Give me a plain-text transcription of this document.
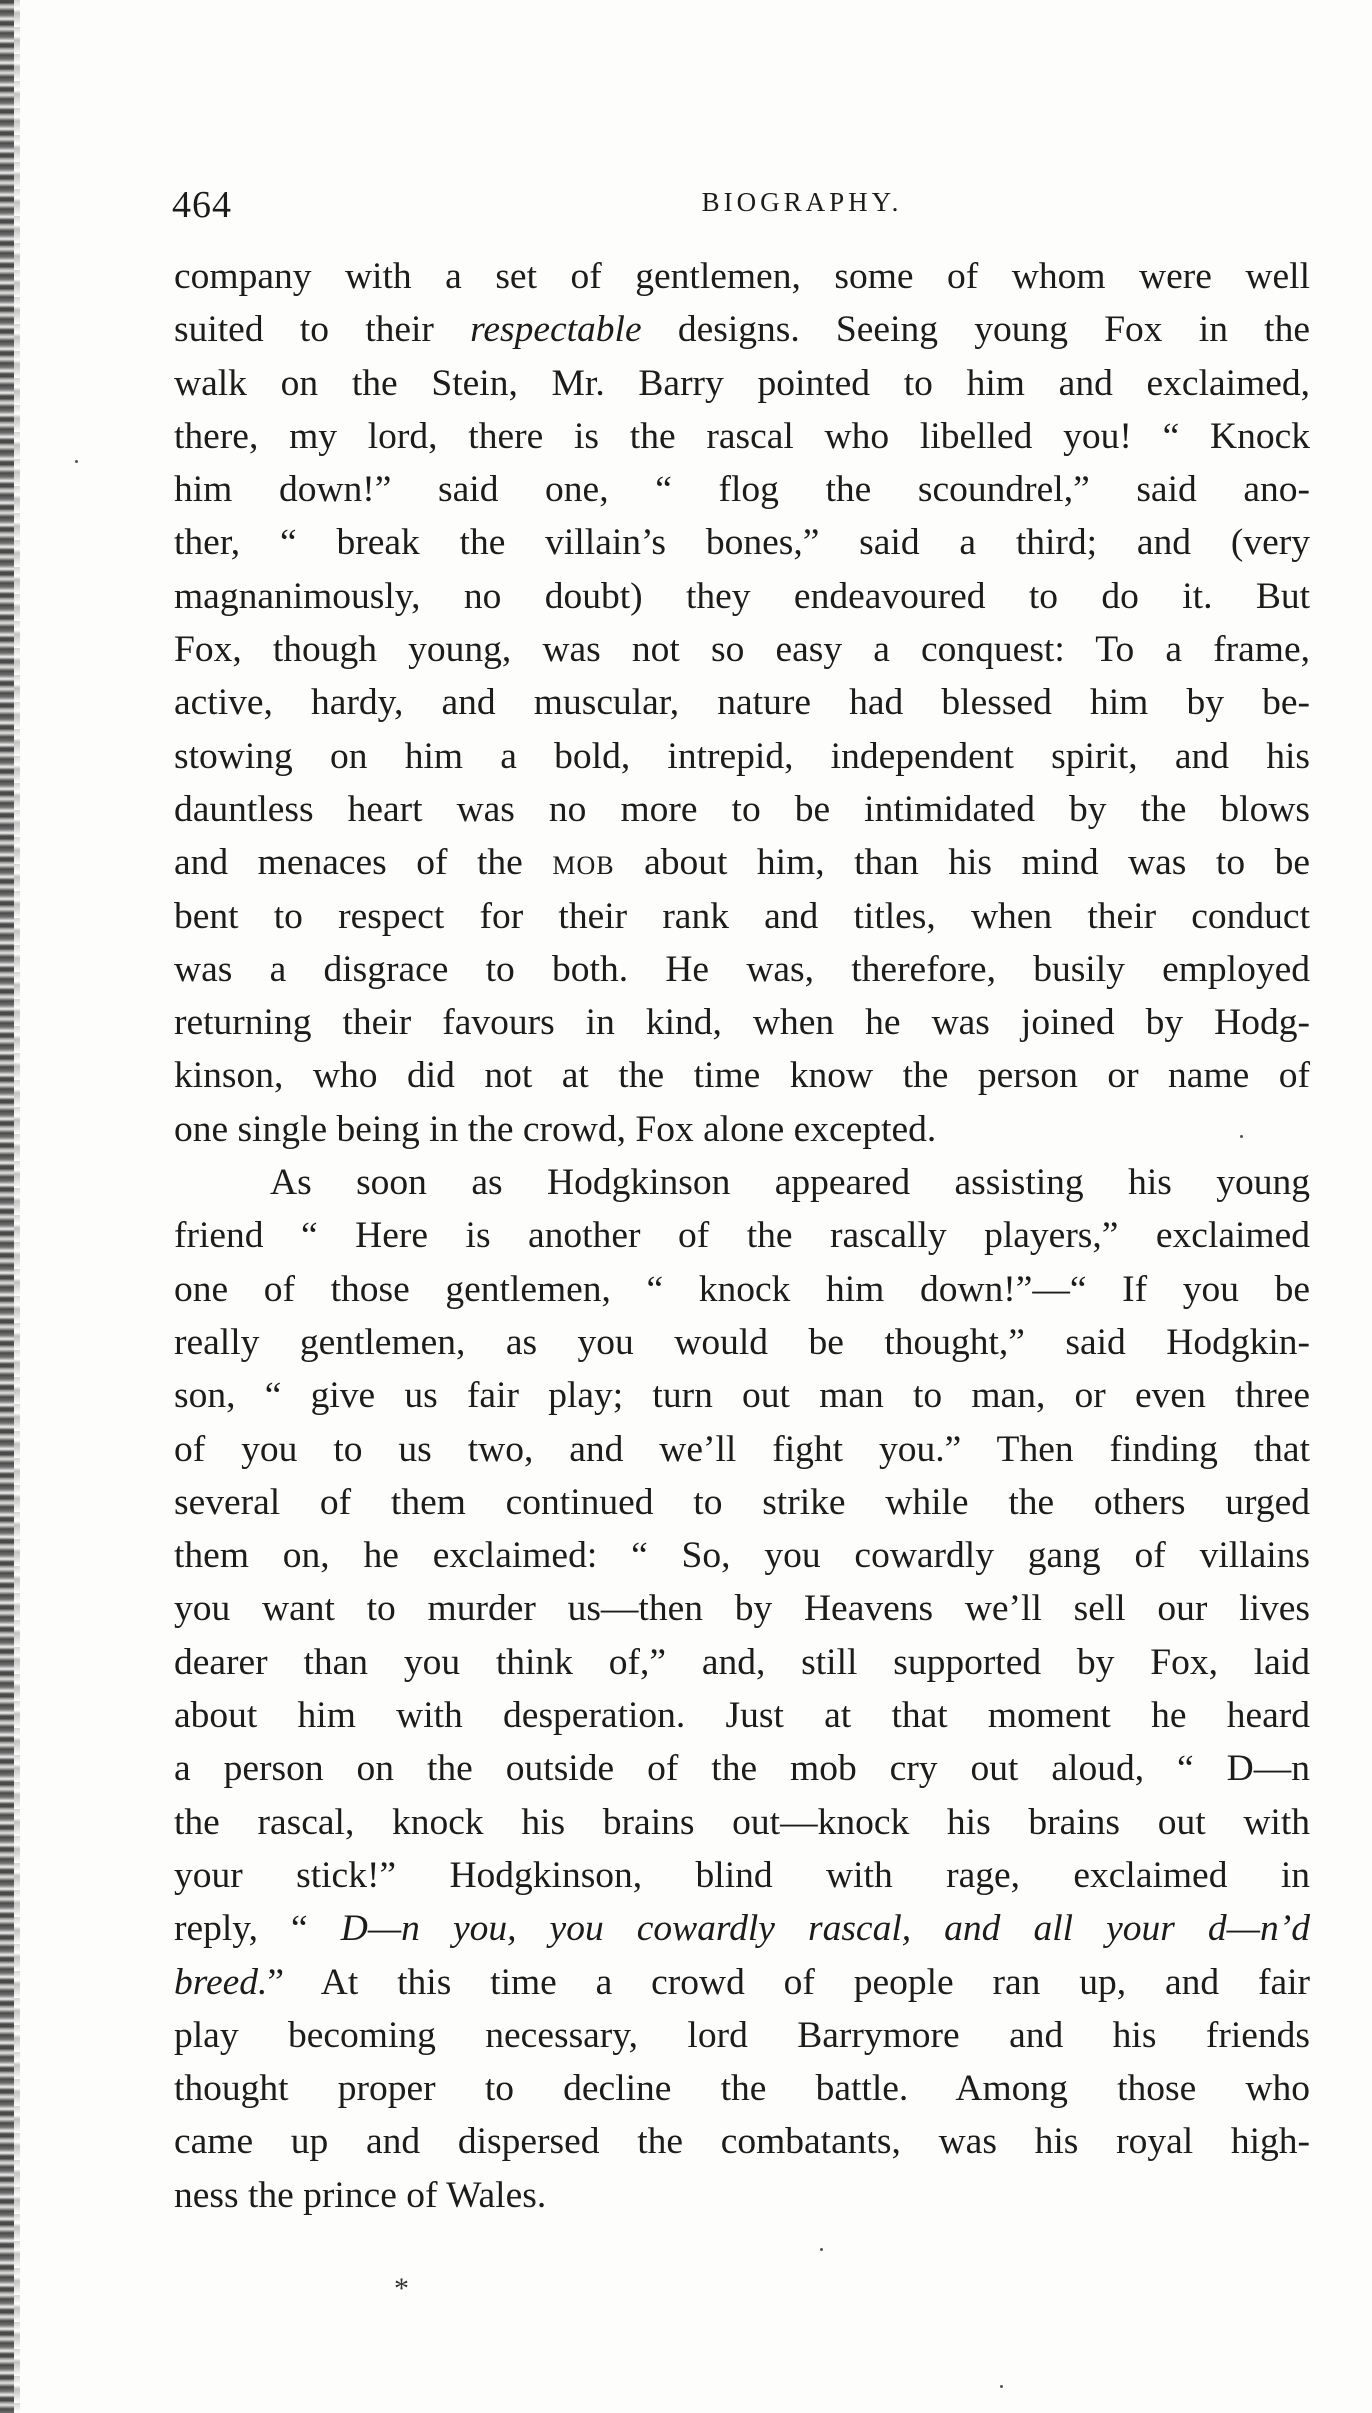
464	BIOGRAPHY.
company with a set of gentlemen, some of whom were well
suited to their respectable designs. Seeing young Fox in the
walk on the Stein, Mr. Barry pointed to him and exclaimed,
there, my lord, there is the rascal who libelled you! “ Knock
him down!” said one, “ flog the scoundrel,” said ano-
ther, “ break the villain’s bones,” said a third; and (very
magnanimously, no doubt) they endeavoured to do it. But
Fox, though young, was not so easy a conquest: To a frame,
active, hardy, and muscular, nature had blessed him by be-
stowing on him a bold, intrepid, independent spirit, and his
dauntless heart was no more to be intimidated by the blows
and menaces of the mob about him, than his mind was to be
bent to respect for their rank and titles, when their conduct
was a disgrace to both. He was, therefore, busily employed
returning their favours in kind, when he was joined by Hodg-
kinson, who did not at the time know the person or name of
one single being in the crowd, Fox alone excepted.
As soon as Hodgkinson appeared assisting his young
friend “ Here is another of the rascally players,” exclaimed
one of those gentlemen, “ knock him down!”—“ If you be
really gentlemen, as you would be thought,” said Hodgkin-
son, “ give us fair play; turn out man to man, or even three
of you to us two, and we’ll fight you.” Then finding that
several of them continued to strike while the others urged
them on, he exclaimed: “ So, you cowardly gang of villains
you want to murder us—then by Heavens we’ll sell our lives
dearer than you think of,” and, still supported by Fox, laid
about him with desperation. Just at that moment he heard
a person on the outside of the mob cry out aloud, “ D—n
the rascal, knock his brains out—knock his brains out with
your stick!” Hodgkinson, blind with rage, exclaimed in
reply, “ D—n you, you cowardly rascal, and all your d—n’d
breed.” At this time a crowd of people ran up, and fair
play becoming necessary, lord Barrymore and his friends
thought proper to decline the battle. Among those who
came up and dispersed the combatants, was his royal high-
ness the prince of Wales.
*
